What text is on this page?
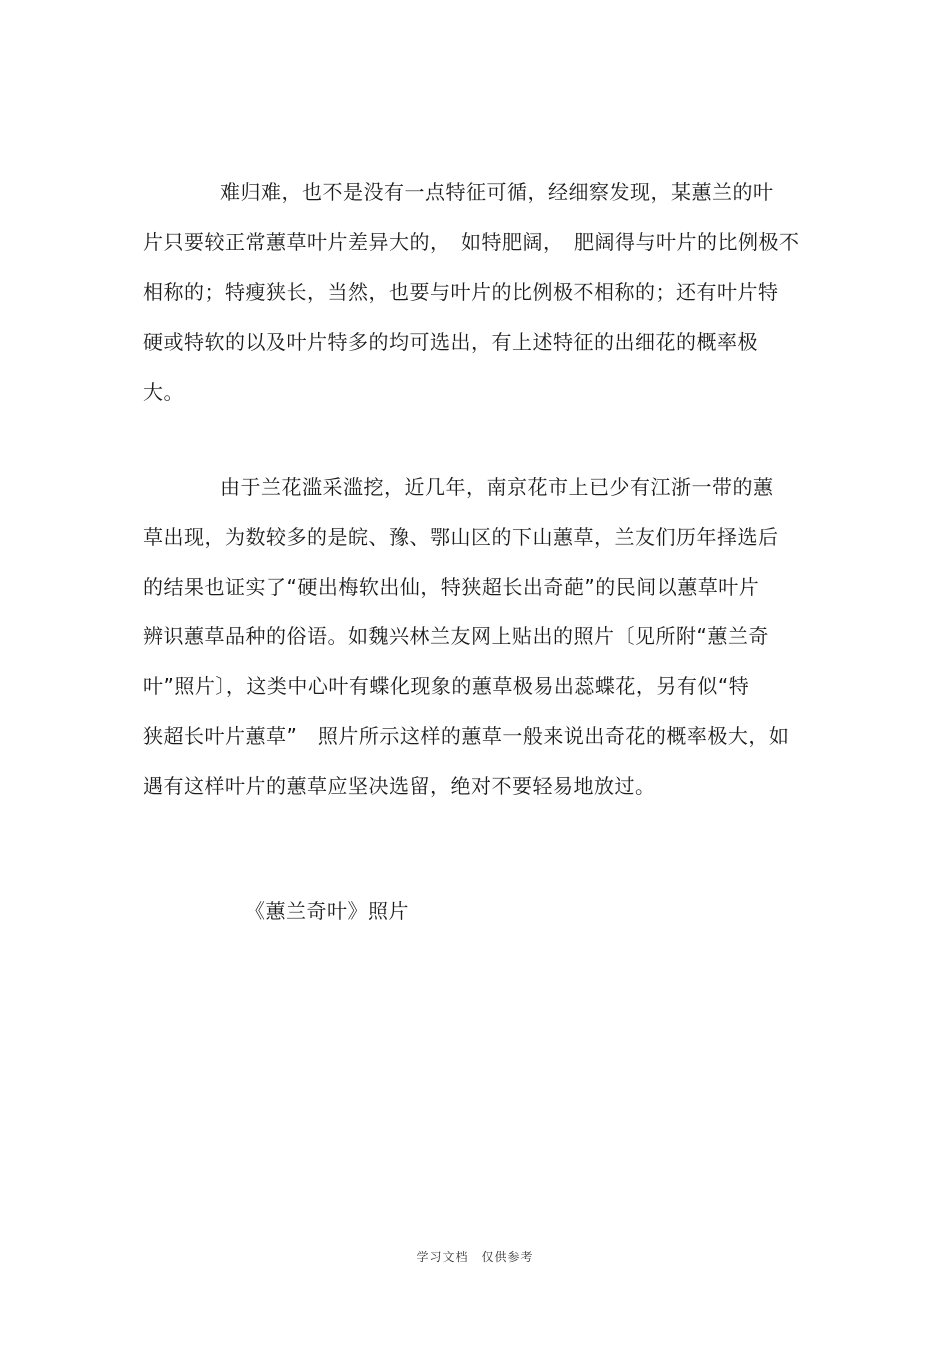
难归难，也不是没有一点特征可循，经细察发现，某蕙兰的叶
片只要较正常蕙草叶片差异大的，　如特肥阔，　肥阔得与叶片的比例极不
相称的；特瘦狭长，当然，也要与叶片的比例极不相称的；还有叶片特
硬或特软的以及叶片特多的均可选出，有上述特征的出细花的概率极
大。
由于兰花滥采滥挖，近几年，南京花市上已少有江浙一带的蕙
草出现，为数较多的是皖、豫、鄂山区的下山蕙草，兰友们历年择选后
的结果也证实了“硬出梅软出仙，特狭超长出奇葩”的民间以蕙草叶片
辨识蕙草品种的俗语。如魏兴林兰友网上贴出的照片〔见所附“蕙兰奇
叶”照片〕，这类中心叶有蝶化现象的蕙草极易出蕊蝶花，另有似“特
狭超长叶片蕙草”　照片所示这样的蕙草一般来说出奇花的概率极大，如
遇有这样叶片的蕙草应坚决选留，绝对不要轻易地放过。
《蕙兰奇叶》照片
学习文档　仅供参考
